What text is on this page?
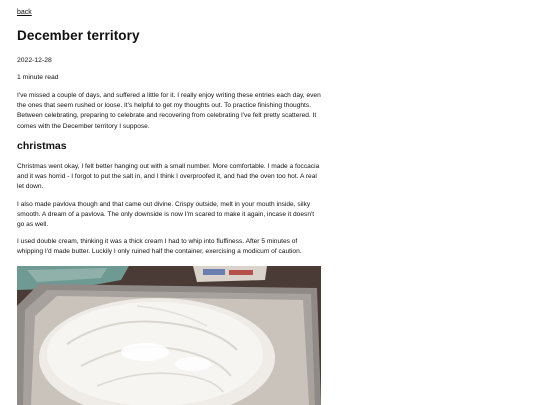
back
December territory
2022-12-28
1 minute read

I've missed a couple of days, and suffered a little for it. I really enjoy writing these entries each day, even the ones that seem rushed or loose. It's helpful to get my thoughts out. To practice finishing thoughts. Between celebrating, preparing to celebrate and recovering from celebrating I've felt pretty scattered. It comes with the December territory I suppose.

christmas

Christmas went okay, I felt better hanging out with a small number. More comfortable. I made a foccacia and it was horrid - I forgot to put the salt in, and I think I overproofed it, and had the oven too hot. A real let down.

I also made pavlova though and that came out divine. Crispy outside, melt in your mouth inside, silky smooth. A dream of a pavlova. The only downside is now I'm scared to make it again, incase it doesn't go as well.

I used double cream, thinking it was a thick cream I had to whip into fluffiness. After 5 minutes of whipping I'd made butter. Luckily I only ruined half the container, exercising a modicum of caution.
